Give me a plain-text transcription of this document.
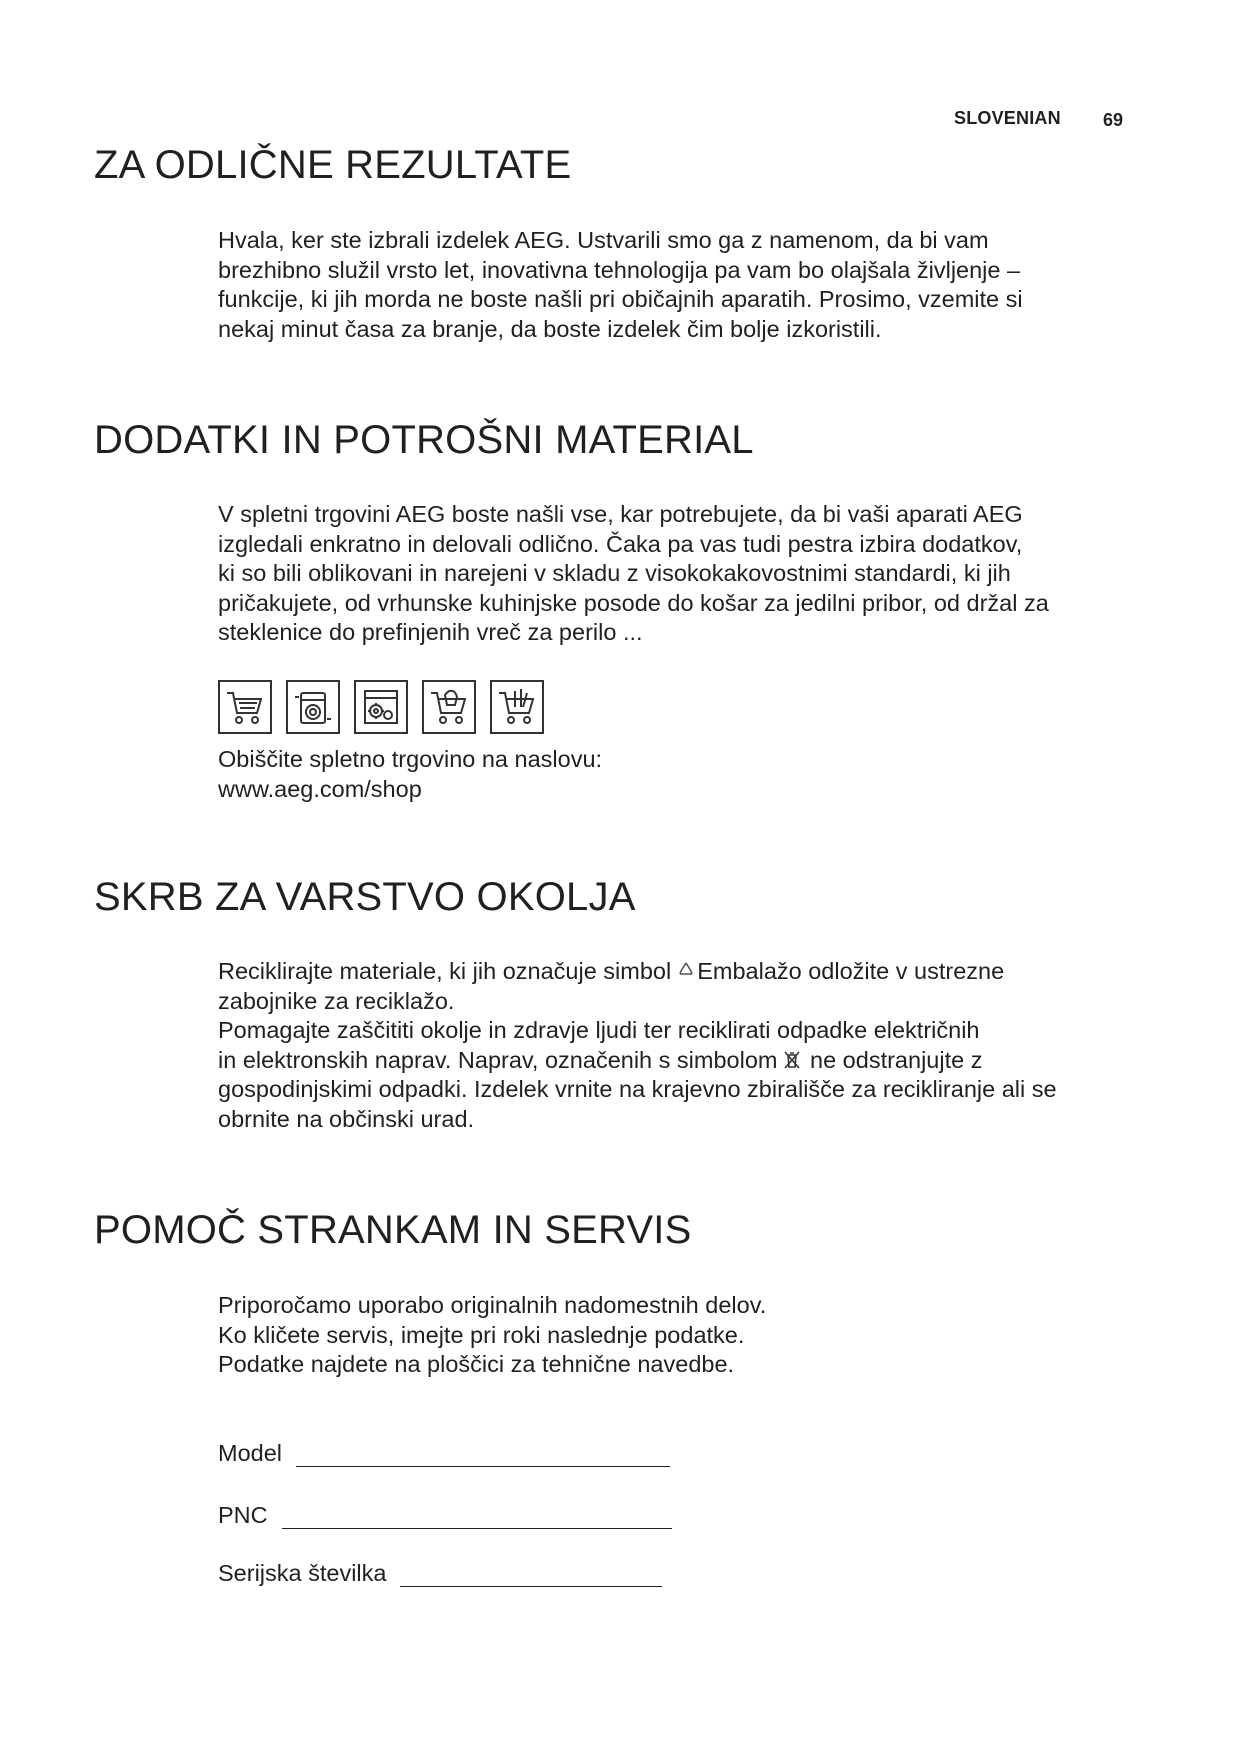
SLOVENIAN 69
ZA ODLIČNE REZULTATE
Hvala, ker ste izbrali izdelek AEG. Ustvarili smo ga z namenom, da bi vam
brezhibno služil vrsto let, inovativna tehnologija pa vam bo olajšala življenje –
funkcije, ki jih morda ne boste našli pri običajnih aparatih. Prosimo, vzemite si
nekaj minut časa za branje, da boste izdelek čim bolje izkoristili.
DODATKI IN POTROŠNI MATERIAL
V spletni trgovini AEG boste našli vse, kar potrebujete, da bi vaši aparati AEG
izgledali enkratno in delovali odlično. Čaka pa vas tudi pestra izbira dodatkov,
ki so bili oblikovani in narejeni v skladu z visokokakovostnimi standardi, ki jih
pričakujete, od vrhunske kuhinjske posode do košar za jedilni pribor, od držal za
steklenice do prefinjenih vreč za perilo ...
Obiščite spletno trgovino na naslovu:
www.aeg.com/shop
SKRB ZA VARSTVO OKOLJA
Reciklirajte materiale, ki jih označuje simbol Embalažo odložite v ustrezne
zabojnike za reciklažo.
Pomagajte zaščititi okolje in zdravje ljudi ter reciklirati odpadke električnih
in elektronskih naprav. Naprav, označenih s simbolom ne odstranjujte z
gospodinjskimi odpadki. Izdelek vrnite na krajevno zbirališče za recikliranje ali se
obrnite na občinski urad.
POMOČ STRANKAM IN SERVIS
Priporočamo uporabo originalnih nadomestnih delov.
Ko kličete servis, imejte pri roki naslednje podatke.
Podatke najdete na ploščici za tehnične navedbe.
Model
PNC
Serijska številka
